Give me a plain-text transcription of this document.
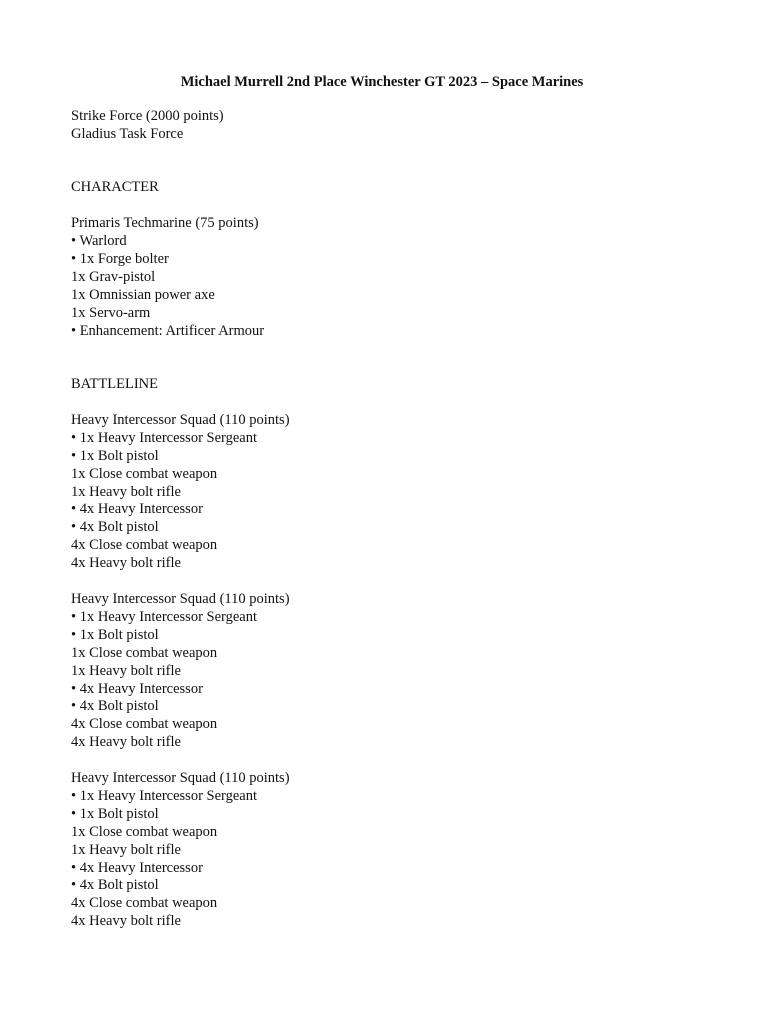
Michael Murrell 2nd Place Winchester GT 2023 – Space Marines
Strike Force (2000 points)
Gladius Task Force
CHARACTER
Primaris Techmarine (75 points)
• Warlord
• 1x Forge bolter
1x Grav-pistol
1x Omnissian power axe
1x Servo-arm
• Enhancement: Artificer Armour
BATTLELINE
Heavy Intercessor Squad (110 points)
• 1x Heavy Intercessor Sergeant
• 1x Bolt pistol
1x Close combat weapon
1x Heavy bolt rifle
• 4x Heavy Intercessor
• 4x Bolt pistol
4x Close combat weapon
4x Heavy bolt rifle
Heavy Intercessor Squad (110 points)
• 1x Heavy Intercessor Sergeant
• 1x Bolt pistol
1x Close combat weapon
1x Heavy bolt rifle
• 4x Heavy Intercessor
• 4x Bolt pistol
4x Close combat weapon
4x Heavy bolt rifle
Heavy Intercessor Squad (110 points)
• 1x Heavy Intercessor Sergeant
• 1x Bolt pistol
1x Close combat weapon
1x Heavy bolt rifle
• 4x Heavy Intercessor
• 4x Bolt pistol
4x Close combat weapon
4x Heavy bolt rifle
